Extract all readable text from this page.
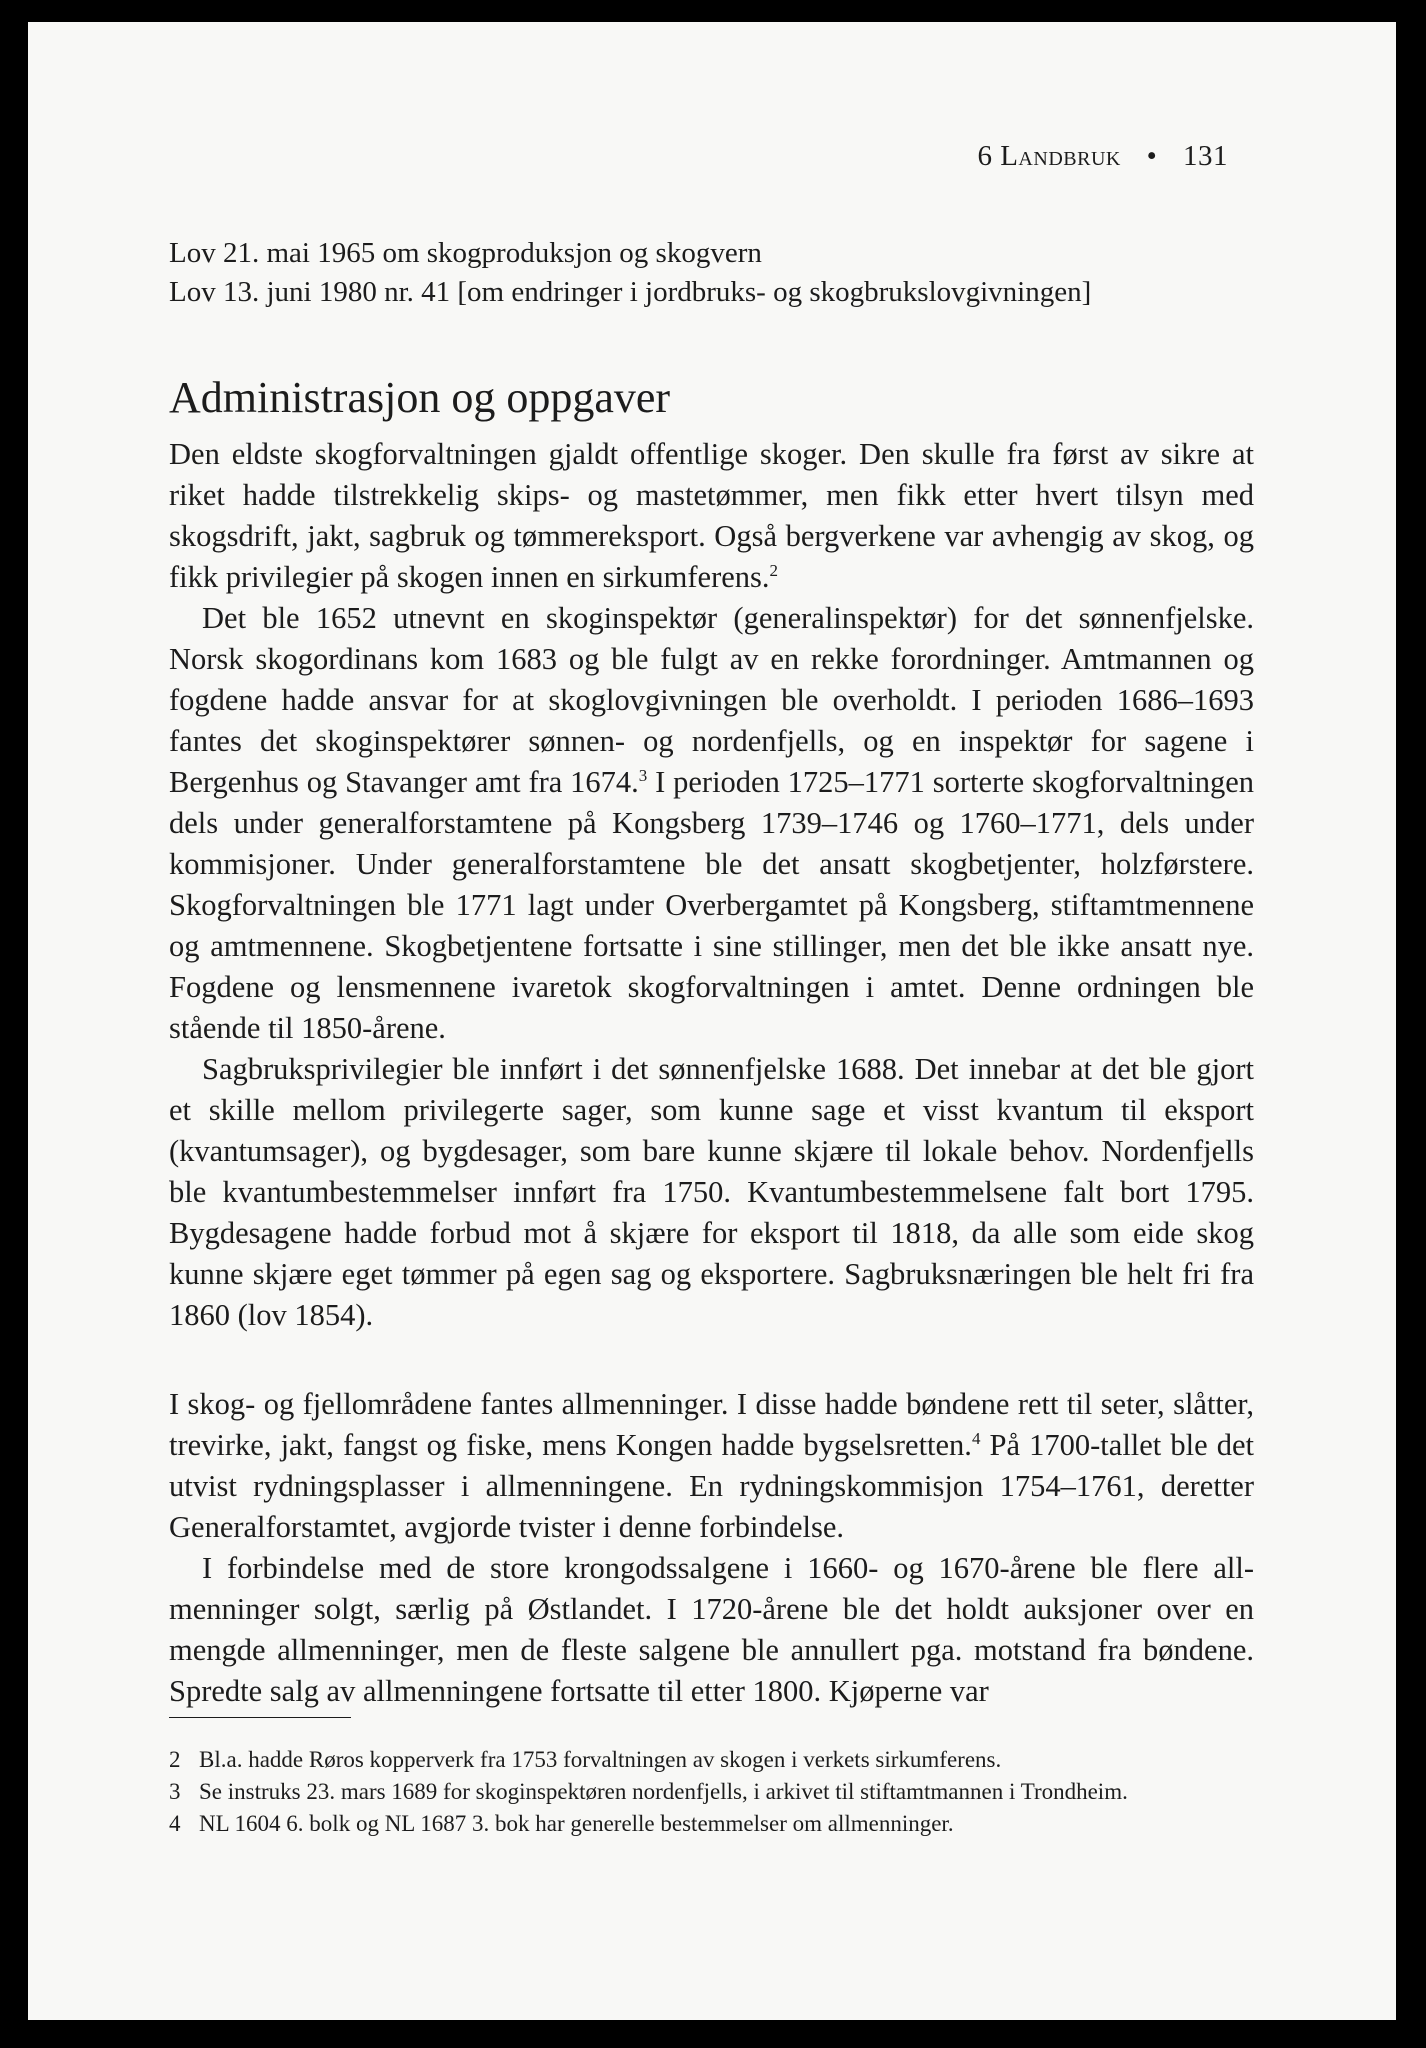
6 Landbruk • 131
Lov 21. mai 1965 om skogproduksjon og skogvern
Lov 13. juni 1980 nr. 41 [om endringer i jordbruks- og skogbrukslovgivningen]
Administrasjon og oppgaver

Den eldste skogforvaltningen gjaldt offentlige skoger. Den skulle fra først av sikre at riket hadde tilstrekkelig skips- og mastetømmer, men fikk etter hvert tilsyn med skogsdrift, jakt, sagbruk og tømmereksport. Også bergverkene var avhengig av skog, og fikk privilegier på skogen innen en sirkumferens.$^2$

Det ble 1652 utnevnt en skoginspektør (generalinspektør) for det sønnenfjelske. Norsk skogordinans kom 1683 og ble fulgt av en rekke forordninger. Amtmannen og fogdene hadde ansvar for at skoglovgivningen ble overholdt. I perioden 1686–1693 fantes det skoginspektører sønnen- og nordenfjells, og en inspektør for sagene i Bergenhus og Stavanger amt fra 1674.$^3$ I perioden 1725–1771 sorterte skogforvaltningen dels under generalforstamtene på Kongsberg 1739–1746 og 1760–1771, dels under kommisjoner. Under generalforstamtene ble det ansatt skogbetjenter, holzførstere. Skogforvaltningen ble 1771 lagt under Overbergamtet på Kongsberg, stiftamtmennene og amtmennene. Skogbetjentene fortsatte i sine stillinger, men det ble ikke ansatt nye. Fogdene og lensmennene ivaretok skogforvaltningen i amtet. Denne ordningen ble stående til 1850-årene.

Sagbruksprivilegier ble innført i det sønnenfjelske 1688. Det innebar at det ble gjort et skille mellom privilegerte sager, som kunne sage et visst kvantum til eksport (kvantumsager), og bygdesager, som bare kunne skjære til lokale behov. Nordenfjells ble kvantumbestemmelser innført fra 1750. Kvantumbestemmelsene falt bort 1795. Bygdesagene hadde forbud mot å skjære for eksport til 1818, da alle som eide skog kunne skjære eget tømmer på egen sag og eksportere. Sagbruksnæringen ble helt fri fra 1860 (lov 1854).

I skog- og fjellområdene fantes allmenninger. I disse hadde bøndene rett til seter, slåtter, trevirke, jakt, fangst og fiske, mens Kongen hadde bygselsretten.$^4$ På 1700-tallet ble det utvist rydningsplasser i allmenningene. En rydningskommisjon 1754–1761, deretter Generalforstamtet, avgjorde tvister i denne forbindelse.

I forbindelse med de store krongodssalgene i 1660- og 1670-årene ble flere allmenninger solgt, særlig på Østlandet. I 1720-årene ble det holdt auksjoner over en mengde allmenninger, men de fleste salgene ble annullert pga. motstand fra bøndene. Spredte salg av allmenningene fortsatte til etter 1800. Kjøperne var

2 Bl.a. hadde Røros kopperverk fra 1753 forvaltningen av skogen i verkets sirkumferens.
3 Se instruks 23. mars 1689 for skoginspektøren nordenfjells, i arkivet til stiftamtmannen i Trondheim.
4 NL 1604 6. bolk og NL 1687 3. bok har generelle bestemmelser om allmenninger.
